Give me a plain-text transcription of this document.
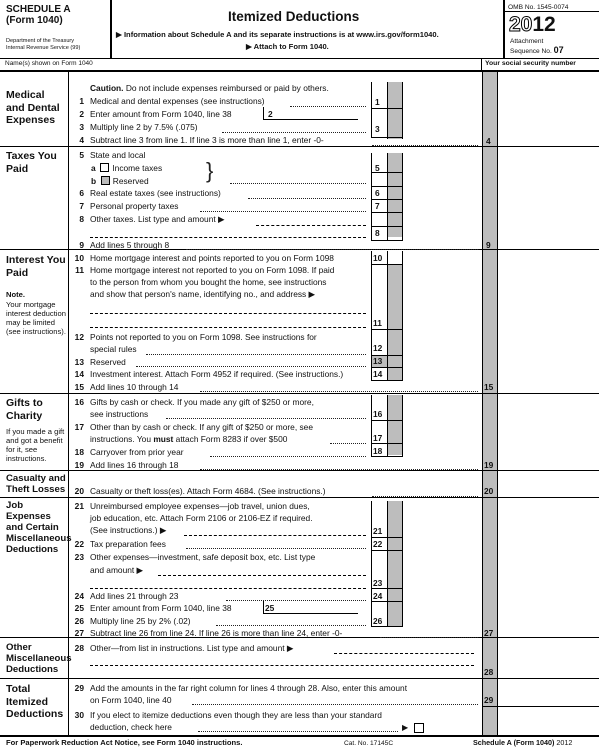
SCHEDULE A
(Form 1040)
Department of the Treasury
Internal Revenue Service (99)
Itemized Deductions
▶ Information about Schedule A and its separate instructions is at www.irs.gov/form1040.
▶ Attach to Form 1040.
OMB No. 1545-0074
2012
Attachment
Sequence No. 07
Name(s) shown on Form 1040	Your social security number
Medical and Dental Expenses
Taxes You Paid
Interest You Paid
Note.
Your mortgage interest deduction may be limited (see instructions).
Gifts to Charity
If you made a gift and got a benefit for it, see instructions.
Casualty and Theft Losses
Job Expenses and Certain Miscellaneous Deductions
Other Miscellaneous Deductions
Total Itemized Deductions
Caution. Do not include expenses reimbursed or paid by others.
1 Medical and dental expenses (see instructions)	1
2 Enter amount from Form 1040, line 38	2
3 Multiply line 2 by 7.5% (.075)	3
4 Subtract line 3 from line 1. If line 3 is more than line 1, enter -0-	4
5 State and local
a Income taxes
b Reserved	}	5
6 Real estate taxes (see instructions)	6
7 Personal property taxes	7
8 Other taxes. List type and amount ▶
8
9 Add lines 5 through 8	9
10 Home mortgage interest and points reported to you on Form 1098	10
11 Home mortgage interest not reported to you on Form 1098. If paid
to the person from whom you bought the home, see instructions
and show that person's name, identifying no., and address ▶
11
12 Points not reported to you on Form 1098. See instructions for
special rules	12
13 Reserved	13
14 Investment interest. Attach Form 4952 if required. (See instructions.)	14
15 Add lines 10 through 14	15
16 Gifts by cash or check. If you made any gift of $250 or more,
see instructions	16
17 Other than by cash or check. If any gift of $250 or more, see
instructions. You must attach Form 8283 if over $500	17
18 Carryover from prior year	18
19 Add lines 16 through 18	19
20 Casualty or theft loss(es). Attach Form 4684. (See instructions.)	20
21 Unreimbursed employee expenses—job travel, union dues,
job education, etc. Attach Form 2106 or 2106-EZ if required.
(See instructions.) ▶	21
22 Tax preparation fees	22
23 Other expenses—investment, safe deposit box, etc. List type
and amount ▶
23
24 Add lines 21 through 23	24
25 Enter amount from Form 1040, line 38	25
26 Multiply line 25 by 2% (.02)	26
27 Subtract line 26 from line 24. If line 26 is more than line 24, enter -0-	27
28 Other—from list in instructions. List type and amount ▶
28
29 Add the amounts in the far right column for lines 4 through 28. Also, enter this amount
on Form 1040, line 40	29
30 If you elect to itemize deductions even though they are less than your standard
deduction, check here	▶
For Paperwork Reduction Act Notice, see Form 1040 instructions.	Cat. No. 17145C	Schedule A (Form 1040) 2012
